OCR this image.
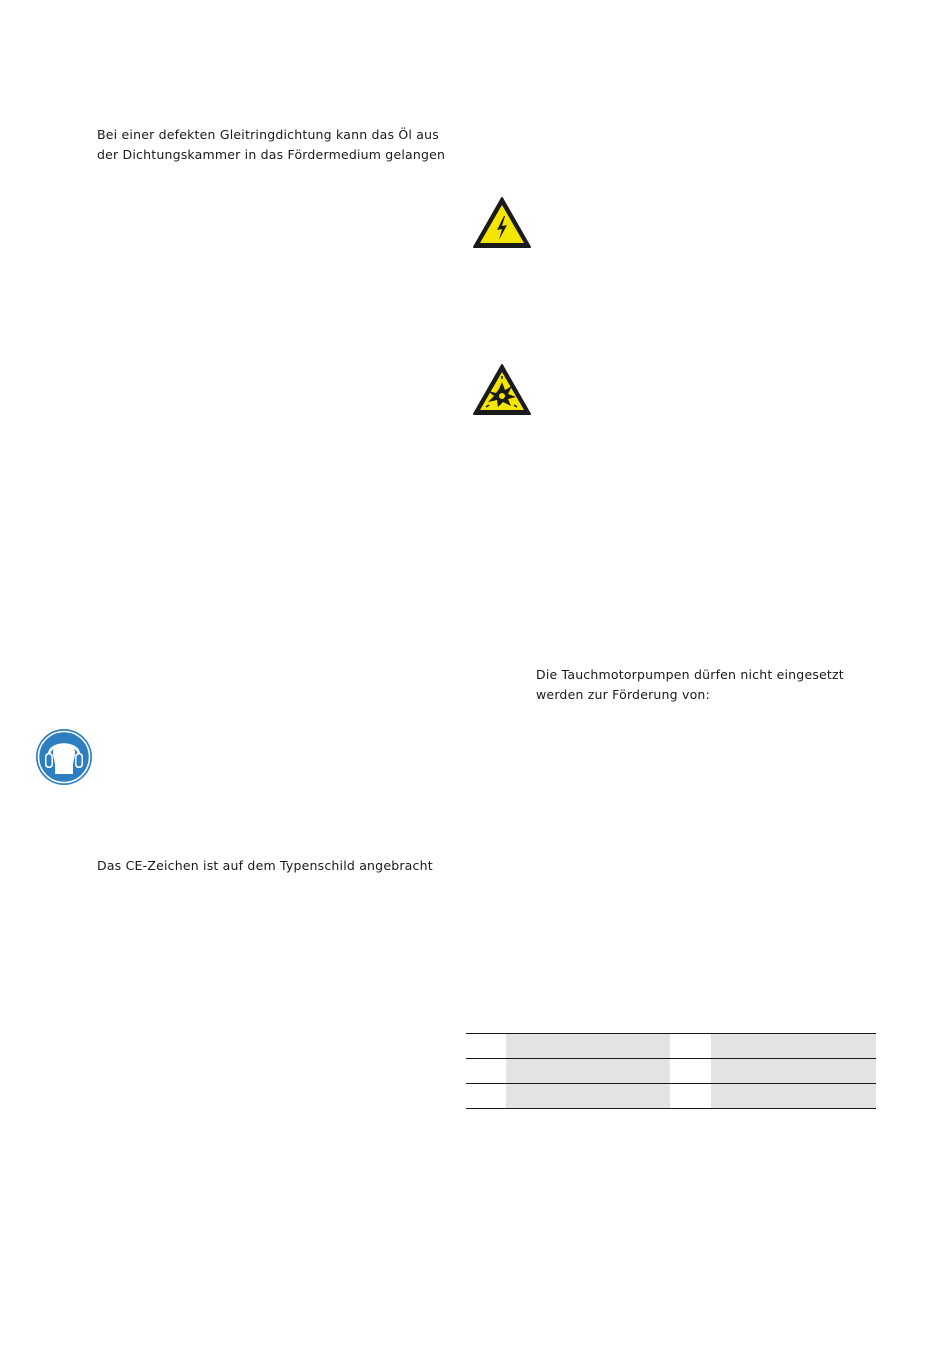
Bei einer defekten Gleitringdichtung kann das Öl aus
der Dichtungskammer in das Fördermedium gelangen
Die Tauchmotorpumpen dürfen nicht eingesetzt
werden zur Förderung von:
Das CE-Zeichen ist auf dem Typenschild angebracht
